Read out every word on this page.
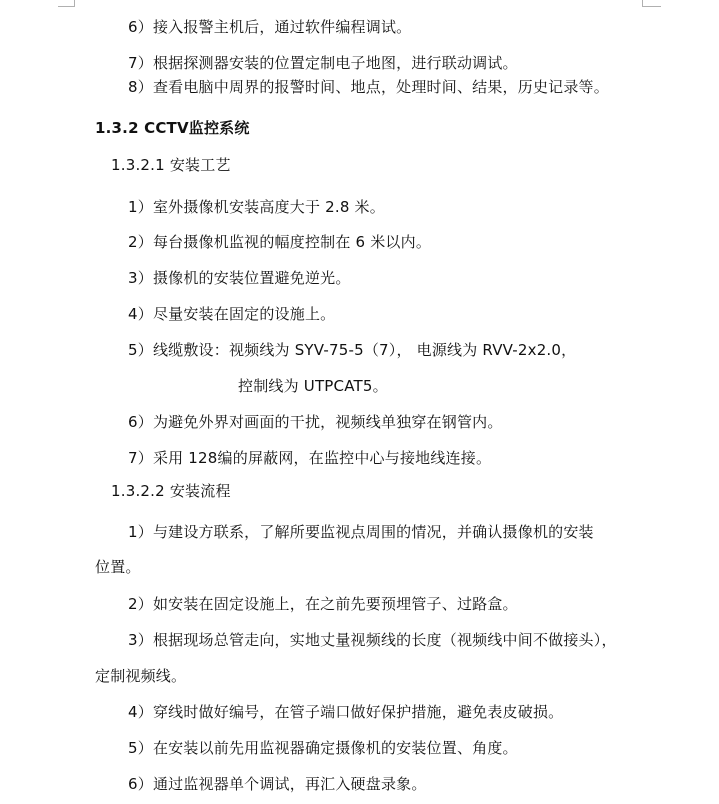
6）接入报警主机后，通过软件编程调试。
7）根据探测器安装的位置定制电子地图，进行联动调试。
8）查看电脑中周界的报警时间、地点，处理时间、结果，历史记录等。
1.3.2 CCTV监控系统
1.3.2.1 安装工艺
1）室外摄像机安装高度大于 2.8 米。
2）每台摄像机监视的幅度控制在 6 米以内。
3）摄像机的安装位置避免逆光。
4）尽量安装在固定的设施上。
5）线缆敷设：视频线为 SYV-75-5（7）， 电源线为 RVV-2x2.0，
控制线为 UTPCAT5。
6）为避免外界对画面的干扰，视频线单独穿在钢管内。
7）采用 128编的屏蔽网，在监控中心与接地线连接。
1.3.2.2 安装流程
1）与建设方联系，了解所要监视点周围的情况，并确认摄像机的安装
位置。
2）如安装在固定设施上，在之前先要预埋管子、过路盒。
3）根据现场总管走向，实地丈量视频线的长度（视频线中间不做接头），
定制视频线。
4）穿线时做好编号，在管子端口做好保护措施，避免表皮破损。
5）在安装以前先用监视器确定摄像机的安装位置、角度。
6）通过监视器单个调试，再汇入硬盘录象。
